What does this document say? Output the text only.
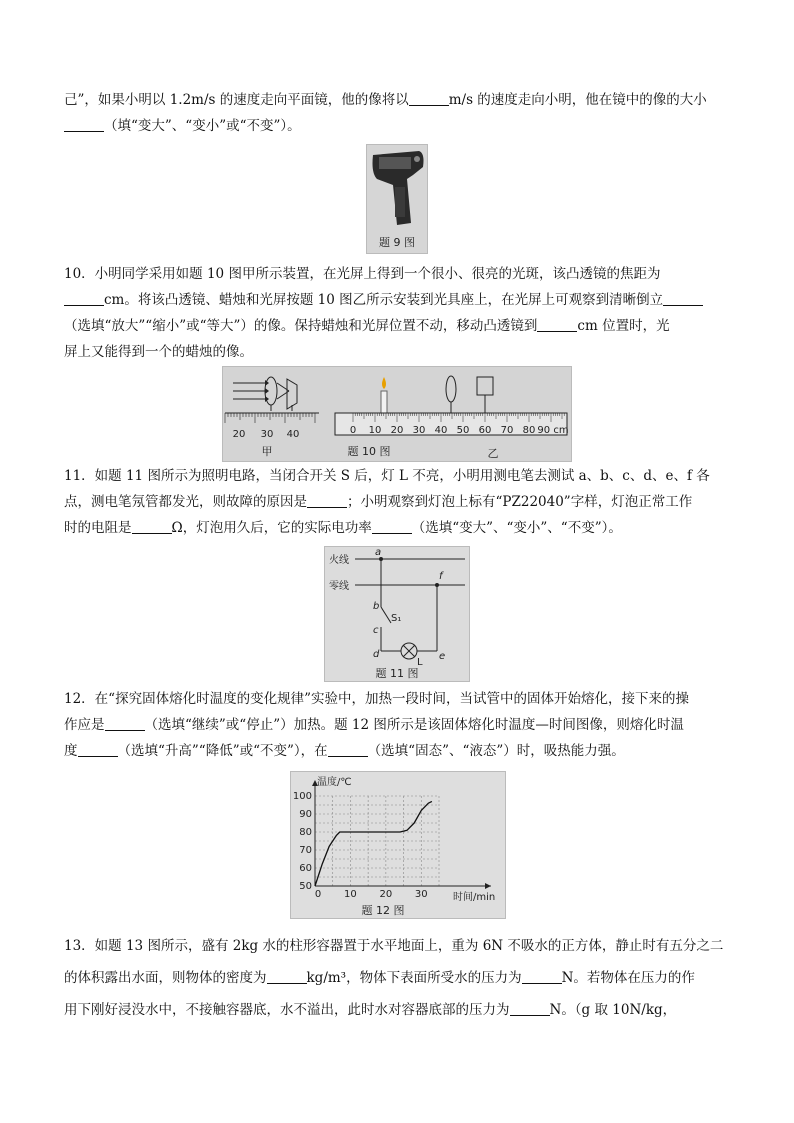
己”，如果小明以 1.2m/s 的速度走向平面镜，他的像将以	m/s 的速度走向小明，他在镜中的像的大小
（填“变大”、“变小”或“不变”）。

题 9 图

10．小明同学采用如题 10 图甲所示装置，在光屏上得到一个很小、很亮的光斑，该凸透镜的焦距为
cm。将该凸透镜、蜡烛和光屏按题 10 图乙所示安装到光具座上，在光屏上可观察到清晰倒立
（选填“放大”“缩小”或“等大”）的像。保持蜡烛和光屏位置不动，移动凸透镜到	cm 位置时，光
屏上又能得到一个的蜡烛的像。

20 30 40
甲
0 10 20 30 40 50 60 70 80 90 cm
题 10 图	乙

11．如题 11 图所示为照明电路，当闭合开关 S 后，灯 L 不亮，小明用测电笔去测试 a、b、c、d、e、f 各
点，测电笔氖管都发光，则故障的原因是	；小明观察到灯泡上标有“PZ22040”字样，灯泡正常工作
时的电阻是	Ω，灯泡用久后，它的实际电功率	（选填“变大”、“变小”、“不变”）。

火线
零线
a
f
b
c
S₁
d	e
L
题 11 图

12．在“探究固体熔化时温度的变化规律”实验中，加热一段时间，当试管中的固体开始熔化，接下来的操
作应是	（选填“继续”或“停止”）加热。题 12 图所示是该固体熔化时温度—时间图像，则熔化时温
度	（选填“升高”“降低”或“不变”），在	（选填“固态”、“液态”）时，吸热能力强。

50
60
70
80
90
100
0 10 20 30
温度/℃
时间/min
题 12 图

13．如题 13 图所示，盛有 2kg 水的柱形容器置于水平地面上，重为 6N 不吸水的正方体，静止时有五分之二
的体积露出水面，则物体的密度为	kg/m³，物体下表面所受水的压力为	N。若物体在压力的作
用下刚好浸没水中，不接触容器底，水不溢出，此时水对容器底部的压力为	N。（g 取 10N/kg，
